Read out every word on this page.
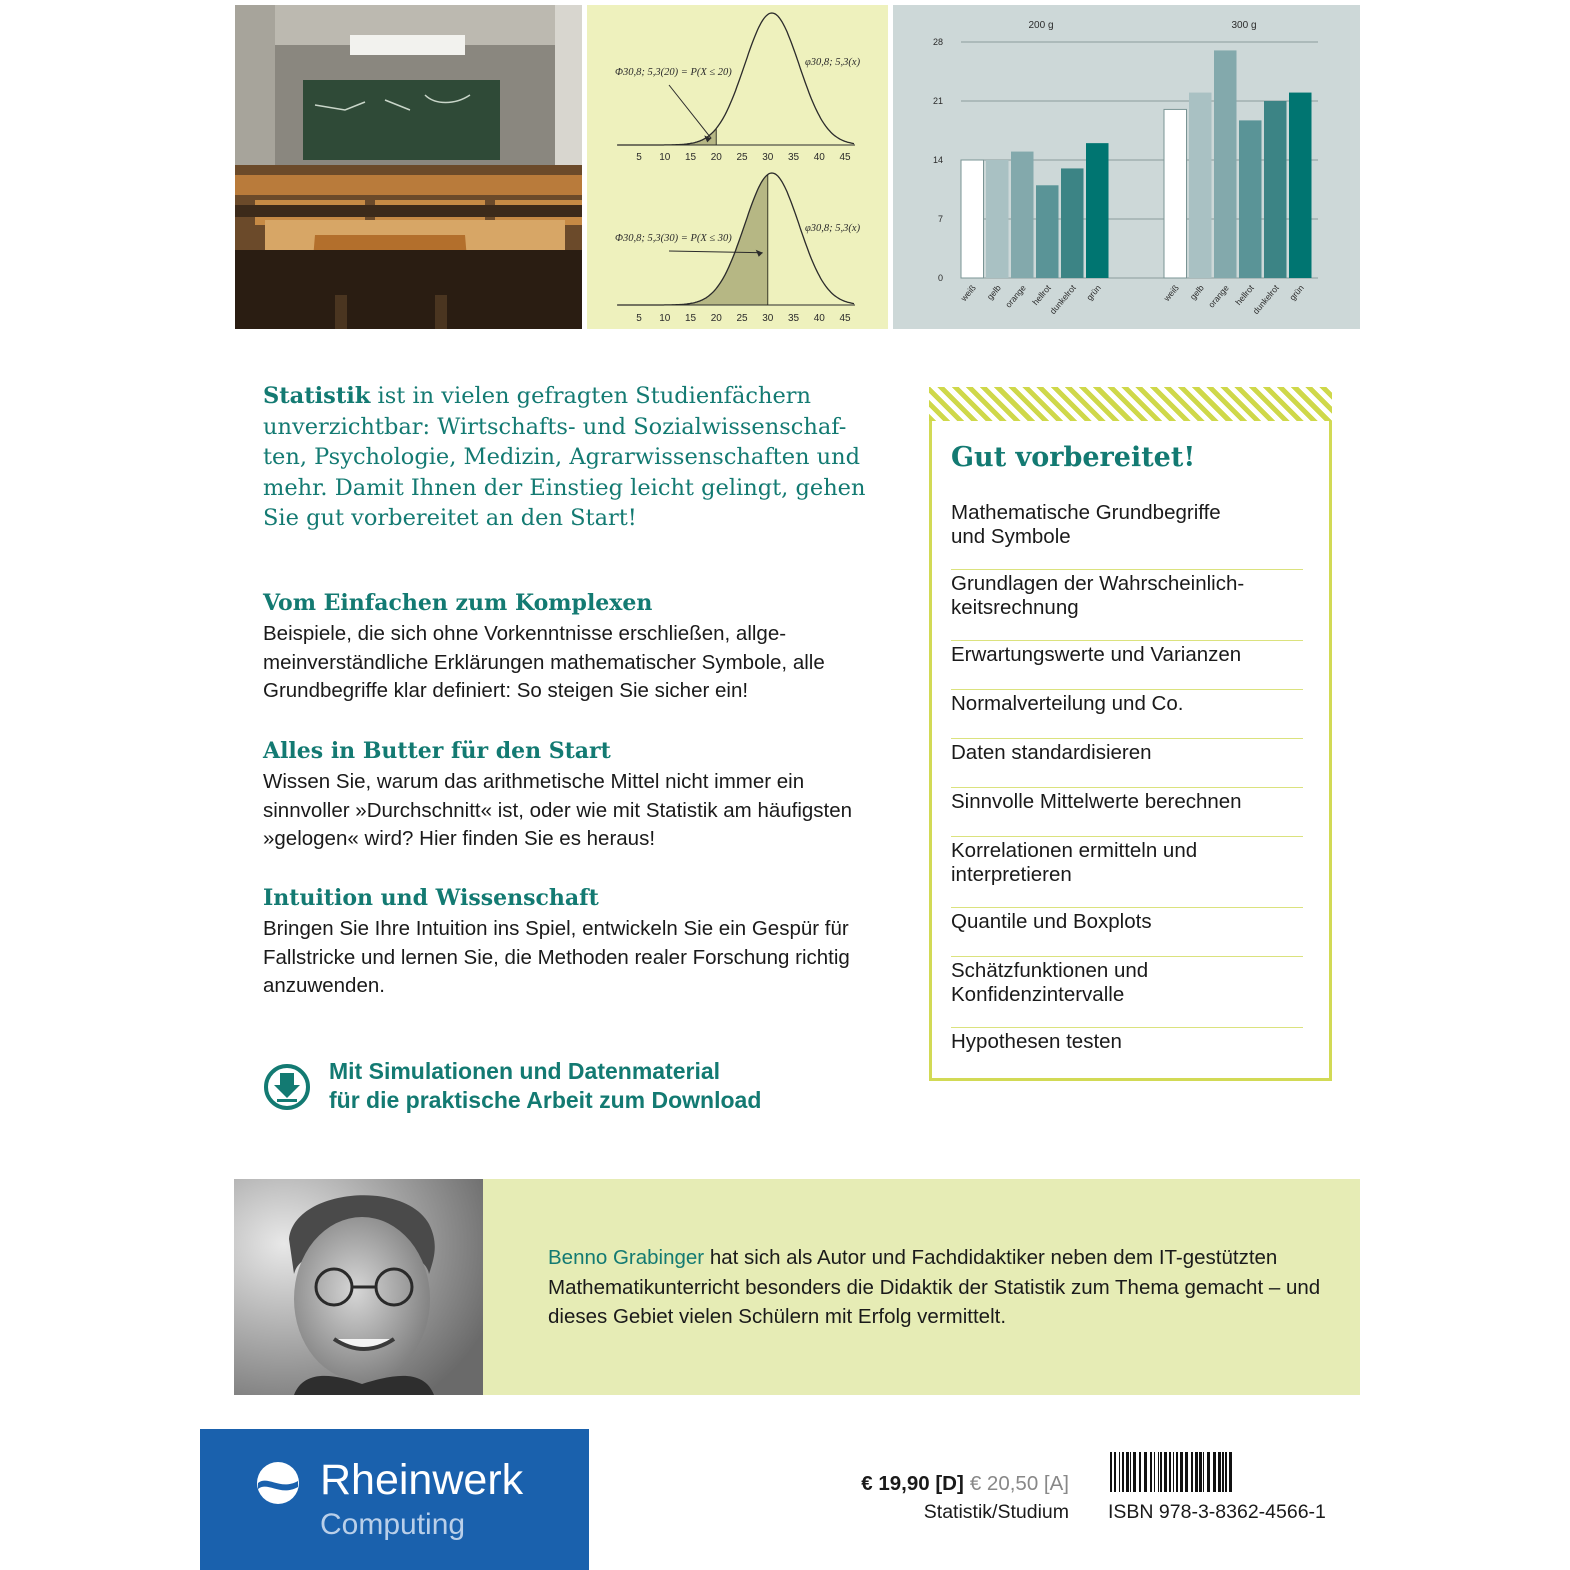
5 10 15 20 25 30 35 40 45
Φ30,8; 5,3(20) = P(X ≤ 20)
φ30,8; 5,3(x)
5 10 15 20 25 30 35 40 45
Φ30,8; 5,3(30) = P(X ≤ 30)
φ30,8; 5,3(x)
0
7
14
21
28
200 g
weiß gelb orange hellrot
dunkelrot grün
300 g
weiß gelb orange hellrot
dunkelrot grün
Statistik ist in vielen gefragten Studienfächern unverzichtbar: Wirtschafts- und Sozialwissenschaf-ten, Psychologie, Medizin, Agrarwissenschaften und mehr. Damit Ihnen der Einstieg leicht gelingt, gehen Sie gut vorbereitet an den Start!
Vom Einfachen zum Komplexen

Beispiele, die sich ohne Vorkenntnisse erschließen, allge-meinverständliche Erklärungen mathematischer Symbole, alle Grundbegriffe klar definiert: So steigen Sie sicher ein!

Alles in Butter für den Start

Wissen Sie, warum das arithmetische Mittel nicht immer ein sinnvoller »Durchschnitt« ist, oder wie mit Statistik am häufigsten »gelogen« wird? Hier finden Sie es heraus!

Intuition und Wissenschaft

Bringen Sie Ihre Intuition ins Spiel, entwickeln Sie ein Gespür für Fallstricke und lernen Sie, die Methoden realer Forschung richtig anzuwenden.

Mit Simulationen und Datenmaterial
für die praktische Arbeit zum Download
Gut vorbereitet!
Mathematische Grundbegriffe
und Symbole
Grundlagen der Wahrscheinlich-
keitsrechnung
Erwartungswerte und Varianzen
Normalverteilung und Co.
Daten standardisieren
Sinnvolle Mittelwerte berechnen
Korrelationen ermitteln und
interpretieren
Quantile und Boxplots
Schätzfunktionen und
Konfidenzintervalle
Hypothesen testen

Benno Grabinger hat sich als Autor und Fachdidaktiker neben dem IT-gestützten Mathematikunterricht besonders die Didaktik der Statistik zum Thema gemacht – und dieses Gebiet vielen Schülern mit Erfolg vermittelt.

Rheinwerk
Computing
€ 19,90 [D] € 20,50 [A]
Statistik/Studium ISBN 978-3-8362-4566-1
